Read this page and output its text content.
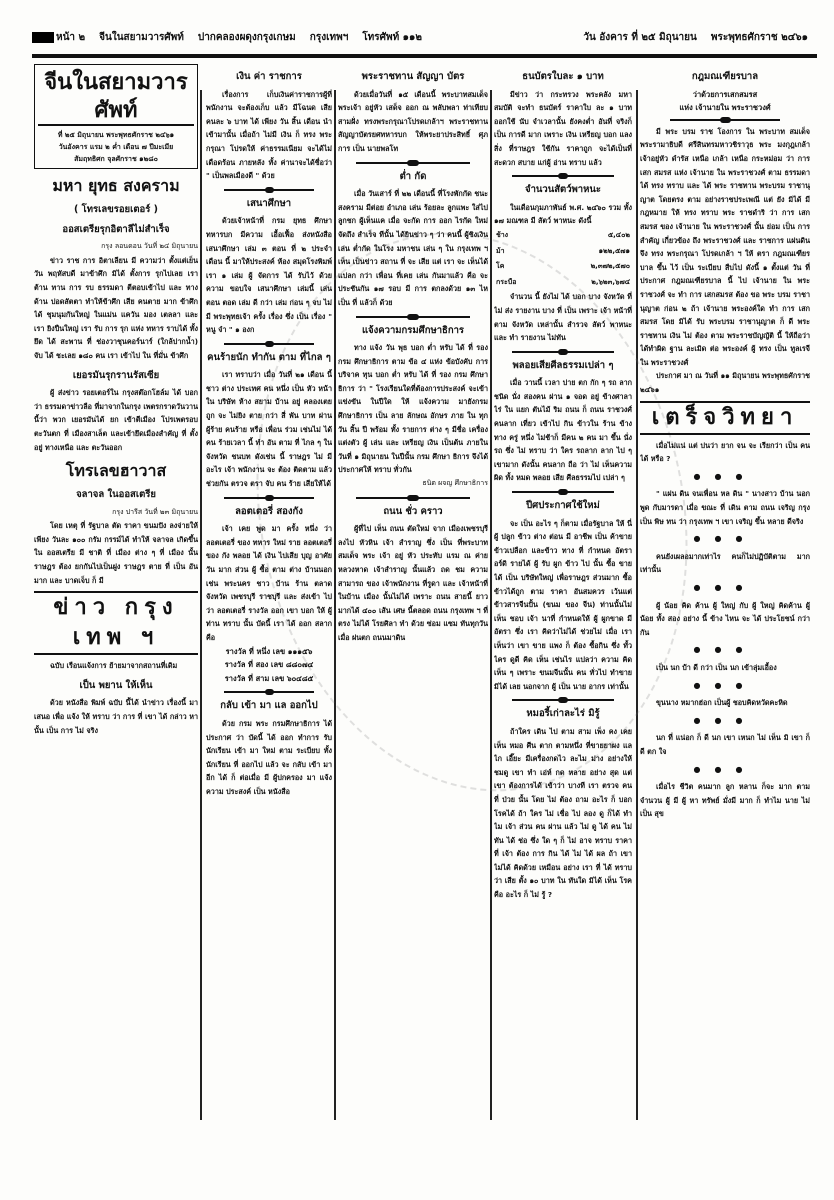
หน้า ๒ จีนในสยามวารศัพท์ ปากคลองผดุงกรุงเกษม กรุงเทพฯ โทรศัพท์ ๑๑๒	วัน อังคาร ที่ ๒๕ มิถุนายน พระพุทธศักราช ๒๔๖๑
จีนในสยามวารศัพท์
ที่ ๒๕ มิถุนายน พระพุทธศักราช ๒๔๖๑
วันอังคาร แรม ๒ ค่ำ เดือน ๗ ปีมะเมีย
สัมฤทธิศก จุลศักราช ๑๒๘๐
มหา ยุทธ สงคราม
( โทรเลขรอยเตอร์ )
ออสเตรียรุกอิตาลีไม่สำเร็จ
กรุง ลอนดอน วันที่ ๒๔ มิถุนายน

ข่าว ราช การ อิตาเลียน มี ความว่า ตั้งแต่เย็น วัน พฤหัสบดี มาข้าศึก มิได้ ตั้งการ รุกไปเลย เรา ต้าน ทาน การ รบ ธรรมดา ตีตอบเข้าไป และ ทาง ด้าน ปอดสัตตา ทำให้ข้าศึก เสีย คนตาย มาก ข้าศึก ได้ ชุมนุมกันใหญ่ ในแม่น แควัน มอง เตลลา และ เรา ยิงปืนใหญ่ เรา รับ การ รุก แห่ง ทหาร ราบได้ ทั้ง ยึด ได้ สะพาน ที่ ช่องวาชุนคอร์นาร์ (ใกล้ปากน้ำ) จับ ได้ ชะเลย ๑๘๐ คน เรา เข้าไป ใน ที่มั่น ข้าศึก

เยอรมันรุกรานรัสเซีย

ผู้ ส่งข่าว รอยเตอร์ใน กรุงสต๊อกโฮล์ม ได้ บอก ว่า ธรรมดาข่าวลือ ที่มาจากในกรุง เพตรกราดวันวาน นี้ว่า พวก เยอรมันได้ ยก เข้าตีเมือง โปรเพตรอบ ตะวันตก ที่ เมืองสาเล็ต และเข้ายึดเมืองสำคัญ ที่ ตั้งอยู่ ทางเหนือ และ ตะวันออก

โทรเลขฮาวาส
จลาจล ในออสเตรีย
กรุง ปารีส วันที่ ๒๓ มิถุนายน

โดย เหตุ ที่ รัฐบาล ตัด ราคา ขนมปัง ลงจ่ายให้เพียง วันละ ๑๐๐ กรัม กรรม์ได้ ทำให้ จลาจล เกิดขึ้นใน ออสเตรีย มี ชาติ ที่ เมือง ต่าง ๆ ที่ เมือง นั้น ราษฎร ต้อง ยกกันไปเป็นฝูง ราษฎร ตาย ที่ เป็น อัน มาก และ บาดเจ็บ ก็ มี

ข่าว กรุง เทพ ฯ

ฉบับ เรือนแจ้งการ ย้ายมาจากสถานที่เดิม

เป็น พยาน ให้เห็น

ด้วย หนังสือ พิมพ์ ฉบับ นี้ได้ นำข่าว เรื่องนี้ มาเสนอ เพื่อ แจ้ง ให้ ทราบ ว่า การ ที่ เขา ได้ กล่าว หา นั้น เป็น การ ไม่ จริง

เงิน ค่า ราชการ

เรื่องการ เก็บเงินค่าราชการผู้ที่พนักงาน จะต้องเก็บ แล้ว มีโฉนด เสีย คนละ ๖ บาท ได้ เพียง วัน สิ้น เดือน นำเข้ามานั้น เมื่อถ้า ไม่มี เงิน ก็ ทรง พระกรุณา โปรดให้ ค่าธรรมเนียม จะได้ไม่เดือดร้อน ภายหลัง ทั้ง ค่านาจะได้ชื่อว่า " เป็นพลเมืองดี " ด้วย

เสนาศึกษา

ด้วยเจ้าหน้าที่ กรม ยุทธ ศึกษา ทหารบก มีความ เอื้อเฟื้อ ส่งหนังสือ เสนาศึกษา เล่ม ๓ ตอน ที่ ๒ ประจำ เดือน นี้ มาให้ประสงค์ ห้อง สมุดโรงพิมพ์ เรา ๑ เล่ม ผู้ จัดการ ได้ รับไว้ ด้วย ความ ขอบใจ เสนาศึกษา เล่มนี้ เล่น ตอน ตอด เล่ม ดี กว่า เล่ม ก่อน ๆ จบ ไม่ มี พระพุทธเจ้า ครั้ง เรื่อง ซึ่ง เป็น เรื่อง " หนู จำ " ๑ องก

คนร้ายนัก ทำกัน ตาม ที่ไกล ๆ

เรา ทราบว่า เมื่อ วันที่ ๒๑ เดือน นี้ ชาว ต่าง ประเทศ คน หนึ่ง เป็น หัว หน้า ใน บริษัท ห้าง สยาม บ้าน อยู่ คลองเตย ถูก จะ ไม่ยิง ตาย กว่า สี่ พัน บาท ผ่าน ผู้ร้าย คนร้าย หรือ เพื่อน ร่วม เช่นไม่ ได้ คน ร้ายเวลา นี้ ทำ อัน ตาม ที่ ไกล ๆ ใน จังหวัด ชนบท ดังเช่น นี้ ราษฎร ไม่ มี อะไร เจ้า พนักงาน จะ ต้อง ติดตาม แล้ว ช่วยกัน ตรวจ ตรา จับ คน ร้าย เสียให้ได้

ลอตเตอรี่ สองกัง

เจ้า เคย พูด มา ครั้ง หนึ่ง ว่า ลอตเตอรี่ ของ ทหาร ใหม่ ราย ลอตเตอรี่ ของ กัง พลอย ได้ เงิน ไปเสีย บุญ อาศัย วัน มาก ส่วน ผู้ ซื้อ ตาม ต่าง บ้านนอก เช่น พระนคร ชาว บ้าน ร้าน ตลาด จังหวัด เพชรบุรี ราชบุรี และ ส่งเข้า ไป ว่า ลอตเตอรี่ รางวัล ออก เขา บอก ให้ ผู้ ท่าน ทราบ นั้น บัดนี้ เรา ได้ ออก สลาก คือ

รางวัล ที่ หนึ่ง เลข ๑๑๑๕๖
รางวัล ที่ สอง เลข ๘๘๐๗๔
รางวัล ที่ สาม เลข ๖๐๔๘๕
กลับ เข้า มา แล ออกไป

ด้วย กรม พระ กรมศึกษาธิการ ได้ประกาศ ว่า บัดนี้ ได้ ออก ทำการ รับ นักเรียน เข้า มา ใหม่ ตาม ระเบียบ ทั้ง นักเรียน ที่ ออกไป แล้ว จะ กลับ เข้า มา อีก ได้ ก็ ต่อเมื่อ มี ผู้ปกครอง มา แจ้ง ความ ประสงค์ เป็น หนังสือ

พระราชทาน สัญญา บัตร

ด้วยเมื่อวันที่ ๑๕ เดือนนี้ พระบาทสมเด็จ พระเจ้า อยู่หัว เสด็จ ออก ณ พลับพลา ท่าเทียบสามฝั่ง ทรงพระกรุณาโปรดเกล้าฯ พระราชทาน สัญญาบัตรยศทหารบก ให้พระยาประสิทธิ์ ศุภการ เป็น นายพลโท

ต่ำ กัด

เมื่อ วันเสาร์ ที่ ๒๒ เดือนนี้ ที่โรงพักกัด ชนะ สงคราม มีต่อย อำเภอ เล่น ร้อยละ ลูกแพะ ใส่ไป ลูกชก ผู้เห็นแค เมื่อ จะกัด การ ออก ไรกัด ใหม่ จัดถึง สำเร็จ ทีนั้น ได้ยินข่าว ๆ ว่า คนนี้ ผู้ชิงเงิน เล่น ต่ำกัด ในโรง มหาชน เล่น ๆ ใน กรุงเทพ ฯ เห็น เป็นข่าว สถาน ที่ จะ เสีย แต่ เรา จะ เห็นได้ แปลก กว่า เพื่อน ที่เคย เล่น กันมาแล้ว คือ จะ ประชันกัน ๑๗ รอบ มี การ ตกลงด้วย ๑๓ ไห เป็น ที่ แล้วก็ ด้วย

แจ้งความกรมศึกษาธิการ

ทาง แจ้ง วัน พุธ บอก ต่ำ หรับ ได้ ที่ รอง กรม ศึกษาธิการ ตาม ข้อ ๔ แห่ง ข้อบังคับ การ บริจาค ทุน บอก ต่ำ หรับ ได้ ที่ รอง กรม ศึกษา ธิการ ว่า " โรงเรียนใดที่ต้องการประสงค์ จะเข้า แข่งขัน ในปีใด ให้ แจ้งความ มายังกรมศึกษาธิการ เป็น ลาย ลักษณ อักษร ภาย ใน ทุกวัน สิ้น ปี พร้อม ทั้ง รายการ ต่าง ๆ มีชื่อ เครื่อง แต่งตัว ผู้ เล่น และ เหรียญ เงิน เป็นต้น ภายในวันที่ ๑ มิถุนายน ในปีนั้น กรม ศึกษา ธิการ จึงได้ประกาศให้ ทราบ ทั่วกัน

ธนิต ผจญ ศึกษาธิการ
ถนน ชั่ว คราว

ผู้ที่ไป เห็น ถนน ตัดใหม่ จาก เมืองเพชรบุรี ลงไป หัวหิน เจ้า สำราญ ซึ่ง เป็น ที่พระบาท สมเด็จ พระ เจ้า อยู่ หัว ประทับ แรม ณ ค่ายหลวงหาด เจ้าสำราญ นั้นแล้ว ถด ชม ความ สามารถ ของ เจ้าพนักงาน ที่รูดา และ เจ้าหน้าที่ ในบ้าน เมือง นั้นไม่ได้ เพราะ ถนน สายนี้ ยาวมากได้ ๔๐๐ เส้น เศษ นี้ตลอด ถนน กรุงเทพ ฯ ที่ ตรง ไม่ได้ โรยศิลา ทำ ด้วย ซ่อม แซม ทันทุกวัน เมื่อ ฝนตก ถนนมาดิน

ธนบัตรใบละ ๑ บาท

มีข่าว ว่า กระทรวง พระคลัง มหา สมบัติ จะทำ ธนบัตร์ ราคาใบ ละ ๑ บาท ออกใช้ นับ จำเวลานั้น ยังคงต่ำ อันที่ จริงก็ เป็น การดี มาก เพราะ เงิน เหรียญ บอก แลง สิ่ง ที่ราษฎร ใช้กัน ราคาถูก จะได้เป็นที่สะดวก สบาย แก่ผู้ อ่าน ทราบ แล้ว

จำนวนสัตว์พาหนะ

ในเดือนกุมภาพันธ์ พ.ศ. ๒๔๖๐ รวม ทั้ง ๑๗ มณฑล มี สัตว์ พาหนะ ดังนี้

ช้าง	๕,๔๐๒
ม้า	๑๒๒,๕๗๑
โค	๒,๓๗๒,๕๗๐
กระบือ	๒,๖๒๓,๖๗๔

จำนวน นี้ ยังไม่ ได้ บอก บาง จังหวัด ที่ไม่ ส่ง รายงาน บาง ที่ เป็น เพราะ เจ้า หน้าที่ ตาม จังหวัด เหล่านั้น สำรวจ สัตว์ พาหนะ และ ทำ รายงาน ไม่ทัน

พลอยเสียศีลธรรมเปล่า ๆ

เมื่อ วานนี้ เวลา บ่าย ตก กัก ๆ รถ ลาก ชนิด นั่ง สองคน ผ่าน ๑ จอด อยู่ ข้างศาลาไร่ ใน แยก ตันไม้ ริม ถนน ก็ ถนน ราชวงศ์ คนลาก เที่ยว เข้าไป กิน ข้าวใน ร้าน ข้างทาง ครู่ หนึ่ง ไม่ช้าก็ มีคน ๒ คน มา ขึ้น นั่ง รถ ซึ่ง ไม่ ทราบ ว่า ใคร รถลาก ลาก ไป ๆ เขามาก ดังนั้น คนลาก ถือ ว่า ไม่ เห็นความ ผิด ทั้ง หมด พลอย เสีย ศีลธรรมไป เปล่า ๆ

ปีศประกาศใช้ใหม่

จะ เป็น อะไร ๆ ก็ตาม เมื่อรัฐบาล ให้ นี่ ผู้ ปลูก ข้าว ต่าง ต่อน มี อาชีพ เป็น ค้าขาย ข้าวเปลือก และข้าว ทาง ที่ กำหนด อัตราอร์ดิ รายได้ ผู้ รับ ผูก ข้าว ไป นั้น ซื้อ ขายได้ เป็น บริษัทใหญ่ เพื่อราษฎร ส่วนมาก ซื้อข้าวได้ถูก ตาม ราคา อันสมควร เว้นแต่ ข้าวสารจีนปั้น (ขนม ของ จีน) ท่านนั้นไม่ เห็น ชอบ เจ้า นาที่ กำหนดให้ ผู้ ผูกขาด มี อัตรา ซึ่ง เรา คิดว่าไม่ได้ ช่วยไม่ เมื่อ เรา เห็นว่า เขา ขาย แพง ก็ ต้อง ซื้อกิน ซึ่ง ทั้ว ไคร ดูดี คิด เห็น เช่นไร แปลว่า ความ คิด เห็น ๆ เพราะ ขนมจีนนั้น คน ทั่วไป ทำขายมิได้ เลย นอกจาก ผู้ เป็น นาย อากร เท่านั้น

หมอรี้เก่าละไร่ มิรู้

ถ้าใคร เดิน ไป ตาม สาม เพ็ง คง เคย เห็น หมอ ศีน ตาก ตามหนึ่ง ที่ขายยาผง แล ไก เอี๊ยะ มีเครื่องกดไว ละไม ม่าง อย่างให้ ชมดู เขา ทำ เอ่ห์ กด หลาย อย่าง สุด แต่ เขา ต้องการได้ เข้าว่า บางที เรา ตรวจ คน ที่ ป่วย นั้น โดย ไม่ ต้อง ถาม อะไร ก็ บอก โรคได้ ถ้า ใคร ไม่ เชื่อ ไป ลอง ดู ก็ได้ ทำ ไม เจ้า ส่วน คน ผ่าน แล้ว ไม่ ดู ได้ คน ไม่ ทัน ได้ ช่อ ซึ่ง ใด ๆ ก็ ไม่ อาจ ทราบ ราคา ที่ เจ้า ต้อง การ กิน ได้ ไม่ ได้ ผล ถ้า เขา ไม่ได้ คิดด้วย เหมือน อย่าง เรา ที่ ได้ ทราบ ว่า เสีย ตั้ง ๑๐ บาท ใน ทันใด มิได้ เห็น โรค คือ อะไร ก็ ไม่ รู้ ?

กฎมณเฑียรบาล
ว่าด้วยการเสกสมรส
แห่ง เจ้านายใน พระราชวงศ์

มี พระ บรม ราช โองการ ใน พระบาท สมเด็จ พระรามาธิบดี ศรีสินทรมหาวชิราวุธ พระ มงกุฎเกล้าเจ้าอยู่หัว ดำรัส เหนือ เกล้า เหนือ กระหม่อม ว่า การ เสก สมรส แห่ง เจ้านาย ใน พระราชวงศ์ ตาม ธรรมดา ได้ ทรง ทราบ และ ได้ พระ ราชทาน พระบรม ราชานุญาต โดยตรง ตาม อย่างราชประเพณี แต่ ยัง มิได้ มี กฎหมาย ให้ ทรง ทราบ พระ ราชดำริ ว่า การ เสก สมรส ของ เจ้านาย ใน พระราชวงศ์ นั้น ย่อม เป็น การ สำคัญ เกี่ยวข้อง ถึง พระราชวงศ์ และ ราชการ แผ่นดิน จึง ทรง พระกรุณา โปรดเกล้า ฯ ให้ ตรา กฎมณเฑียรบาล ขึ้น ไว้ เป็น ระเบียบ สืบไป ดังนี้ ๑ ตั้งแต่ วัน ที่ ประกาศ กฎมณเฑียรบาล นี้ ไป เจ้านาย ใน พระราชวงศ์ จะ ทำ การ เสกสมรส ต้อง ขอ พระ บรม ราชานุญาต ก่อน ๒ ถ้า เจ้านาย พระองค์ใด ทำ การ เสก สมรส โดย มิได้ รับ พระบรม ราชานุญาต ก็ ดี พระ ราชทาน เงิน ไม่ ต้อง ตาม พระราชบัญญัติ นี้ ให้ถือว่าได้ทำผิด ฐาน ละเมิด ต่อ พระองค์ ผู้ ทรง เป็น ทูลเรจี ใน พระราชวงศ์

ประกาศ มา ณ วันที่ ๑๑ มิถุนายน พระพุทธศักราช ๒๔๖๑

เตร็จวิทยา

เมื่อไม่แน่ แต่ บ่นว่า ยาก จน จะ เรียกว่า เป็น คน ได้ หรือ ?

●●●

" แผ่น ดิน จนเพื่อน หล ดิน " นางสาว บ้าน นอก พูด กับมารดา เมื่อ ขณะ ที่ เดิน ตาม ถนน เจริญ กรุง เป็น พิษ ทน ว่า กรุงเทพ ฯ เขา เจริญ ขึ้น หลาย ดีจริง

●●●

คนยังเผลอมากเท่าไร คนก็ไม่ปฏิบัติตาม มากเท่านั้น

●●●

ผู้ น้อย คิด ค้าน ผู้ ใหญ่ กับ ผู้ ใหญ่ คิดค้าน ผู้ น้อย ทั้ง สอง อย่าง นี้ ข้าง ไหน จะ ได้ ประโยชน์ กว่ากัน

●●●

เป็น นก บ้า ดี กว่า เป็น นก เข้าลุ่มเอื้อง

●●●

ขุนนาง หมากฮ่อก เป็นผู้ ชอบคิดหวัดคะหิด

●●●

นก ที่ แน่อก ก็ ดี นก เขา เหนก ไม่ เห็น มิ เขา ก็ ดี ตก ใจ

●●●

เมื่อไร ชีวิต คนมาก ลูก หลาน ก็จะ มาก ตาม จำนวน ผู้ มี ผู้ หา ทรัพย์ มั่งมี มาก ก็ ทำไม นาย ไม่ เป็น สุข
